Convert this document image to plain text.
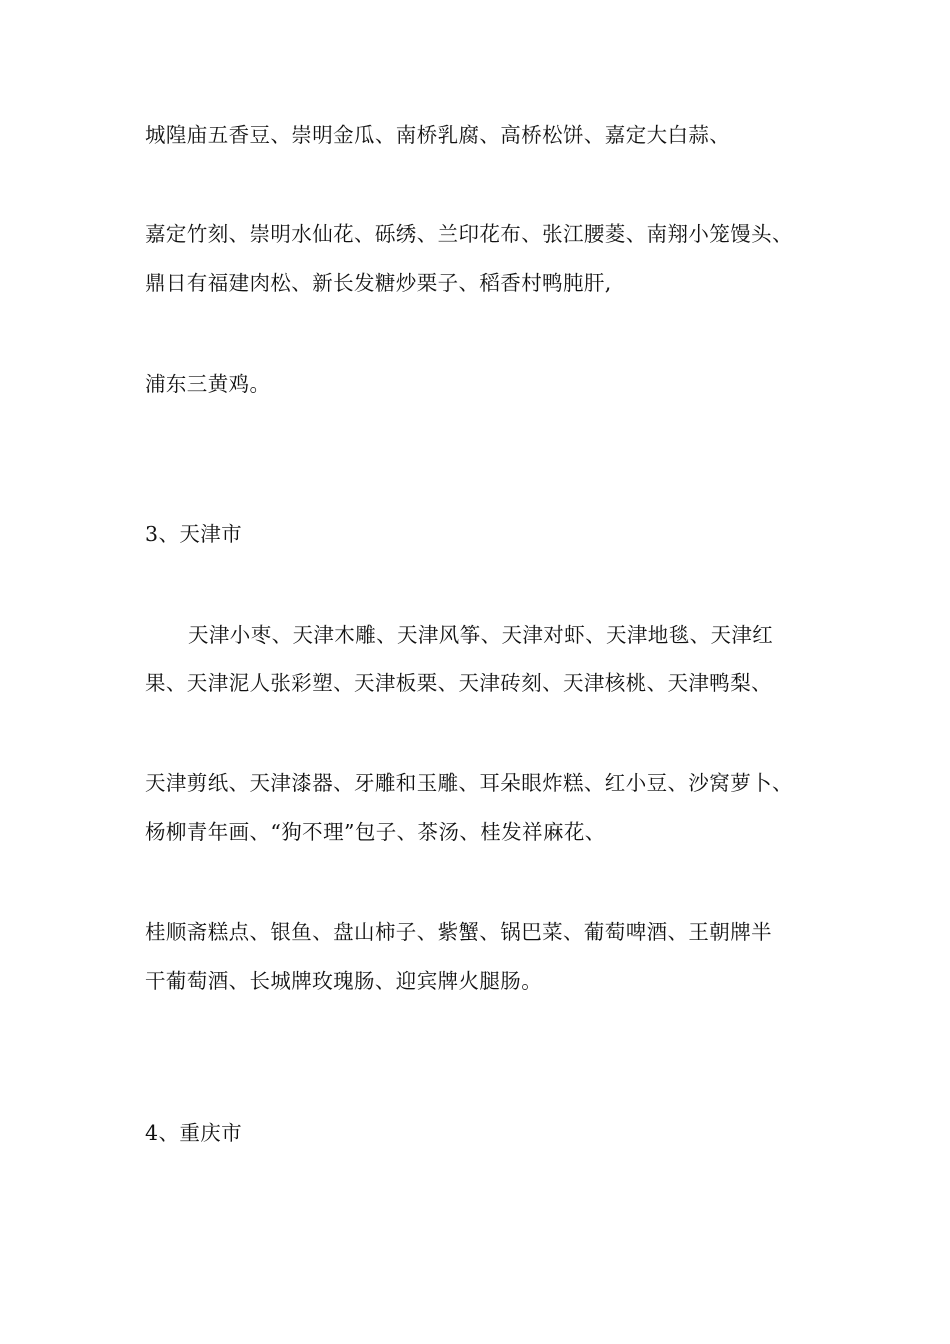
城隍庙五香豆、崇明金瓜、南桥乳腐、高桥松饼、嘉定大白蒜、

嘉定竹刻、崇明水仙花、砾绣、兰印花布、张江腰菱、南翔小笼馒头、

鼎日有福建肉松、新长发糖炒栗子、稻香村鸭肫肝,

浦东三黄鸡。

3、天津市

天津小枣、天津木雕、天津风筝、天津对虾、天津地毯、天津红

果、天津泥人张彩塑、天津板栗、天津砖刻、天津核桃、天津鸭梨、

天津剪纸、天津漆器、牙雕和玉雕、耳朵眼炸糕、红小豆、沙窝萝卜、

杨柳青年画、“狗不理”包子、茶汤、桂发祥麻花、

桂顺斋糕点、银鱼、盘山柿子、紫蟹、锅巴菜、葡萄啤酒、王朝牌半

干葡萄酒、长城牌玫瑰肠、迎宾牌火腿肠。

4、重庆市
